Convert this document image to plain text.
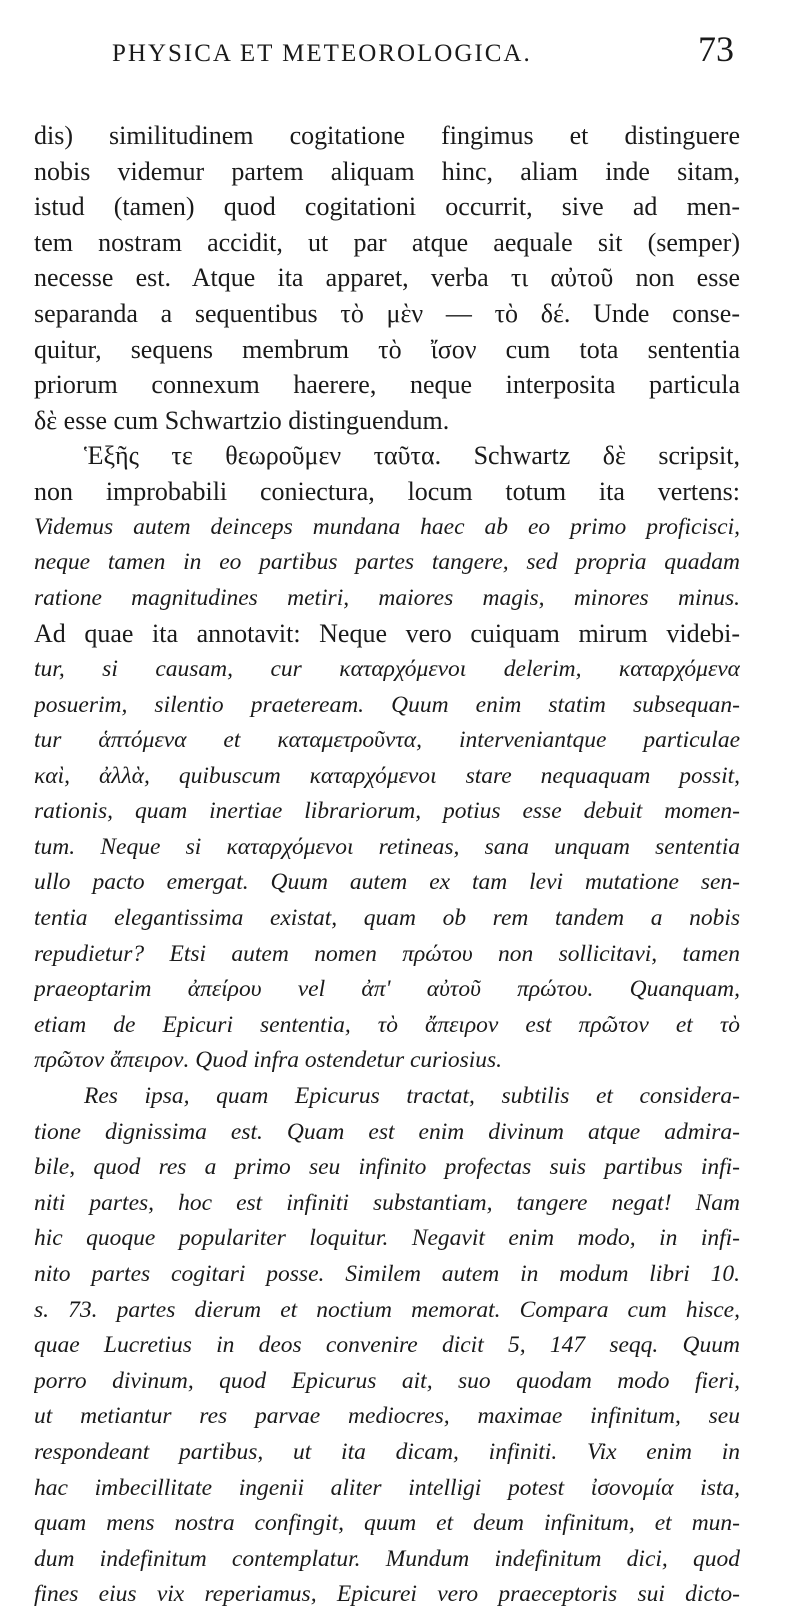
PHYSICA ET METEOROLOGICA.	73
dis) similitudinem cogitatione fingimus et distinguere
nobis videmur partem aliquam hinc, aliam inde sitam,
istud (tamen) quod cogitationi occurrit, sive ad men-
tem nostram accidit, ut par atque aequale sit (semper)
necesse est. Atque ita apparet, verba τι αὐτοῦ non esse
separanda a sequentibus τὸ μὲν — τὸ δέ. Unde conse-
quitur, sequens membrum τὸ ἴσον cum tota sententia
priorum connexum haerere, neque interposita particula
δὲ esse cum Schwartzio distinguendum.
Ἑξῆς τε θεωροῦμεν ταῦτα. Schwartz δὲ scripsit,
non improbabili coniectura, locum totum ita vertens:
Videmus autem deinceps mundana haec ab eo primo proficisci,
neque tamen in eo partibus partes tangere, sed propria quadam
ratione magnitudines metiri, maiores magis, minores minus.
Ad quae ita annotavit: Neque vero cuiquam mirum videbi-
tur, si causam, cur καταρχόμενοι delerim, καταρχόμενα
posuerim, silentio praeteream. Quum enim statim subsequan-
tur ἁπτόμενα et καταμετροῦντα, interveniantque particulae
καὶ, ἀλλὰ, quibuscum καταρχόμενοι stare nequaquam possit,
rationis, quam inertiae librariorum, potius esse debuit momen-
tum. Neque si καταρχόμενοι retineas, sana unquam sententia
ullo pacto emergat. Quum autem ex tam levi mutatione sen-
tentia elegantissima existat, quam ob rem tandem a nobis
repudietur? Etsi autem nomen πρώτου non sollicitavi, tamen
praeoptarim ἀπείρου vel ἀπ' αὐτοῦ πρώτου. Quanquam,
etiam de Epicuri sententia, τὸ ἄπειρον est πρῶτον et τὸ
πρῶτον ἄπειρον. Quod infra ostendetur curiosius.
Res ipsa, quam Epicurus tractat, subtilis et considera-
tione dignissima est. Quam est enim divinum atque admira-
bile, quod res a primo seu infinito profectas suis partibus infi-
niti partes, hoc est infiniti substantiam, tangere negat! Nam
hic quoque populariter loquitur. Negavit enim modo, in infi-
nito partes cogitari posse. Similem autem in modum libri 10.
s. 73. partes dierum et noctium memorat. Compara cum hisce,
quae Lucretius in deos convenire dicit 5, 147 seqq. Quum
porro divinum, quod Epicurus ait, suo quodam modo fieri,
ut metiantur res parvae mediocres, maximae infinitum, seu
respondeant partibus, ut ita dicam, infiniti. Vix enim in
hac imbecillitate ingenii aliter intelligi potest ἰσονομία ista,
quam mens nostra confingit, quum et deum infinitum, et mun-
dum indefinitum contemplatur. Mundum indefinitum dici, quod
fines eius vix reperiamus, Epicurei vero praeceptoris sui dicto-
